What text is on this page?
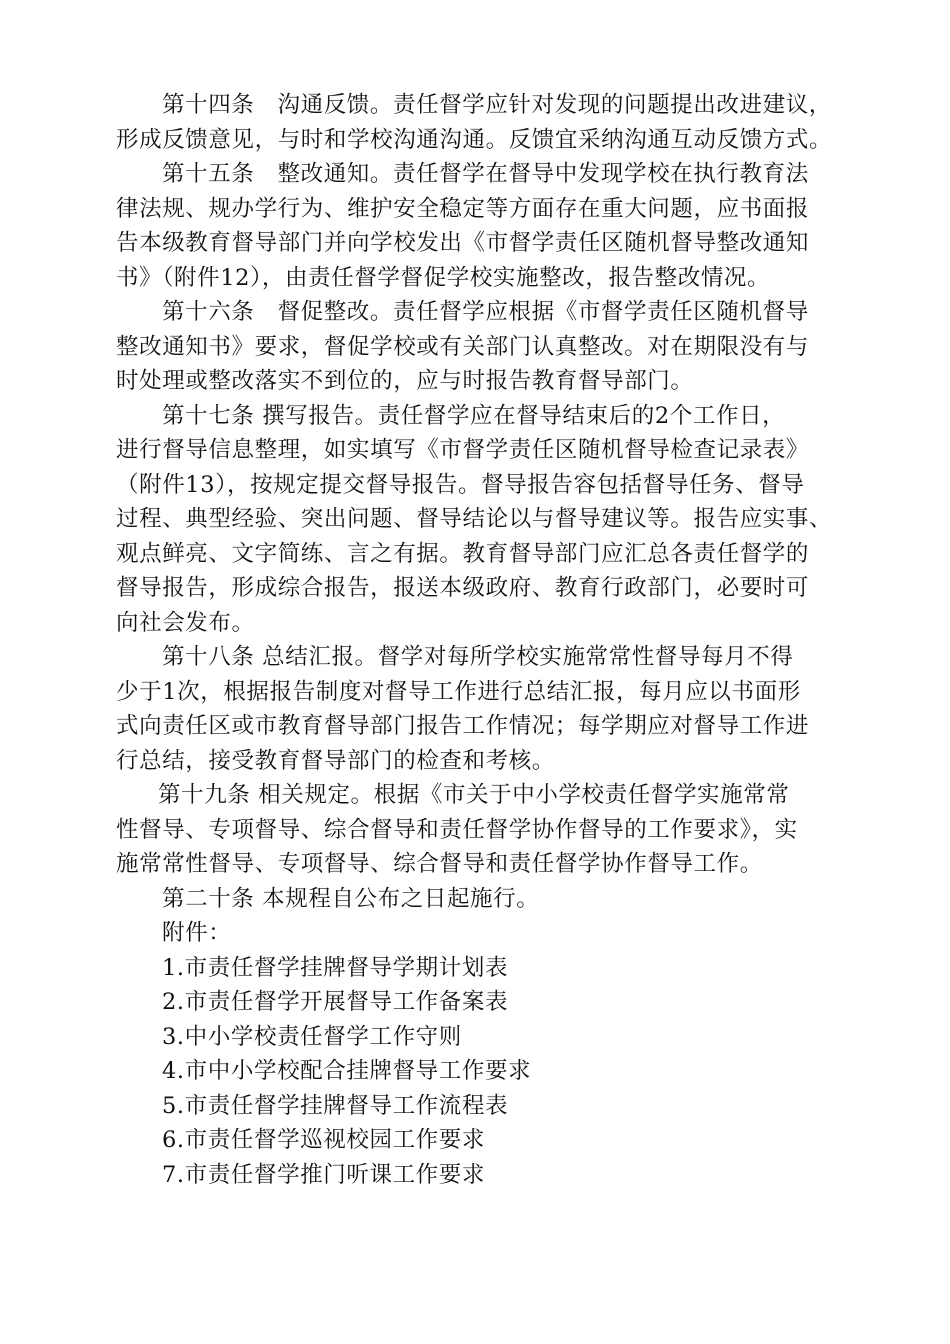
第十四条　沟通反馈。责任督学应针对发现的问题提出改进建议，
形成反馈意见，与时和学校沟通沟通。反馈宜采纳沟通互动反馈方式。
第十五条　整改通知。责任督学在督导中发现学校在执行教育法
律法规、规办学行为、维护安全稳定等方面存在重大问题，应书面报
告本级教育督导部门并向学校发出《市督学责任区随机督导整改通知
书》（附件12），由责任督学督促学校实施整改，报告整改情况。
第十六条　督促整改。责任督学应根据《市督学责任区随机督导
整改通知书》要求，督促学校或有关部门认真整改。对在期限没有与
时处理或整改落实不到位的，应与时报告教育督导部门。
第十七条 撰写报告。责任督学应在督导结束后的2个工作日，
进行督导信息整理，如实填写《市督学责任区随机督导检查记录表》
（附件13），按规定提交督导报告。督导报告容包括督导任务、督导
过程、典型经验、突出问题、督导结论以与督导建议等。报告应实事、
观点鲜亮、文字简练、言之有据。教育督导部门应汇总各责任督学的
督导报告，形成综合报告，报送本级政府、教育行政部门，必要时可
向社会发布。
第十八条 总结汇报。督学对每所学校实施常常性督导每月不得
少于1次，根据报告制度对督导工作进行总结汇报，每月应以书面形
式向责任区或市教育督导部门报告工作情况；每学期应对督导工作进
行总结，接受教育督导部门的检查和考核。
第十九条 相关规定。根据《市关于中小学校责任督学实施常常
性督导、专项督导、综合督导和责任督学协作督导的工作要求》，实
施常常性督导、专项督导、综合督导和责任督学协作督导工作。
第二十条 本规程自公布之日起施行。
附件：
1.市责任督学挂牌督导学期计划表
2.市责任督学开展督导工作备案表
3.中小学校责任督学工作守则
4.市中小学校配合挂牌督导工作要求
5.市责任督学挂牌督导工作流程表
6.市责任督学巡视校园工作要求
7.市责任督学推门听课工作要求
